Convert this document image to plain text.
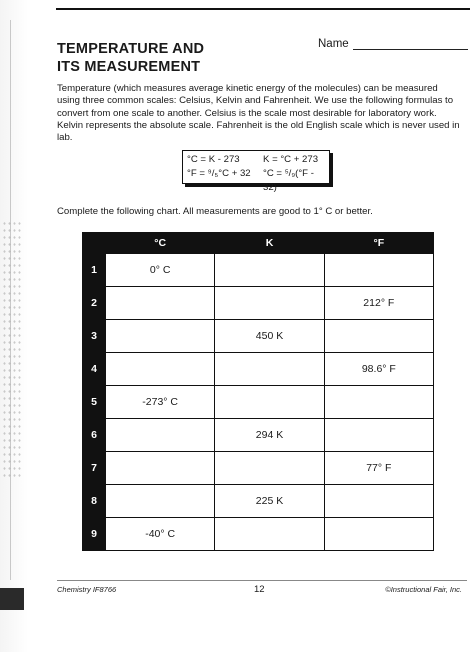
TEMPERATURE AND
ITS MEASUREMENT
Name
Temperature (which measures average kinetic energy of the molecules) can be measured using three common scales: Celsius, Kelvin and Fahrenheit. We use the following formulas to convert from one scale to another. Celsius is the scale most desirable for laboratory work. Kelvin represents the absolute scale. Fahrenheit is the old English scale which is never used in lab.
°C = K - 273	K = °C + 273
°F = ⁹/₅°C + 32	°C = ⁵/₉(°F - 32)
Complete the following chart. All measurements are good to 1° C or better.
	°C	K	°F
1	0° C		
2			212° F
3		450 K	
4			98.6° F
5	-273° C		
6		294 K	
7			77° F
8		225 K	
9	-40° C		
Chemistry IF8766	12	©Instructional Fair, Inc.
